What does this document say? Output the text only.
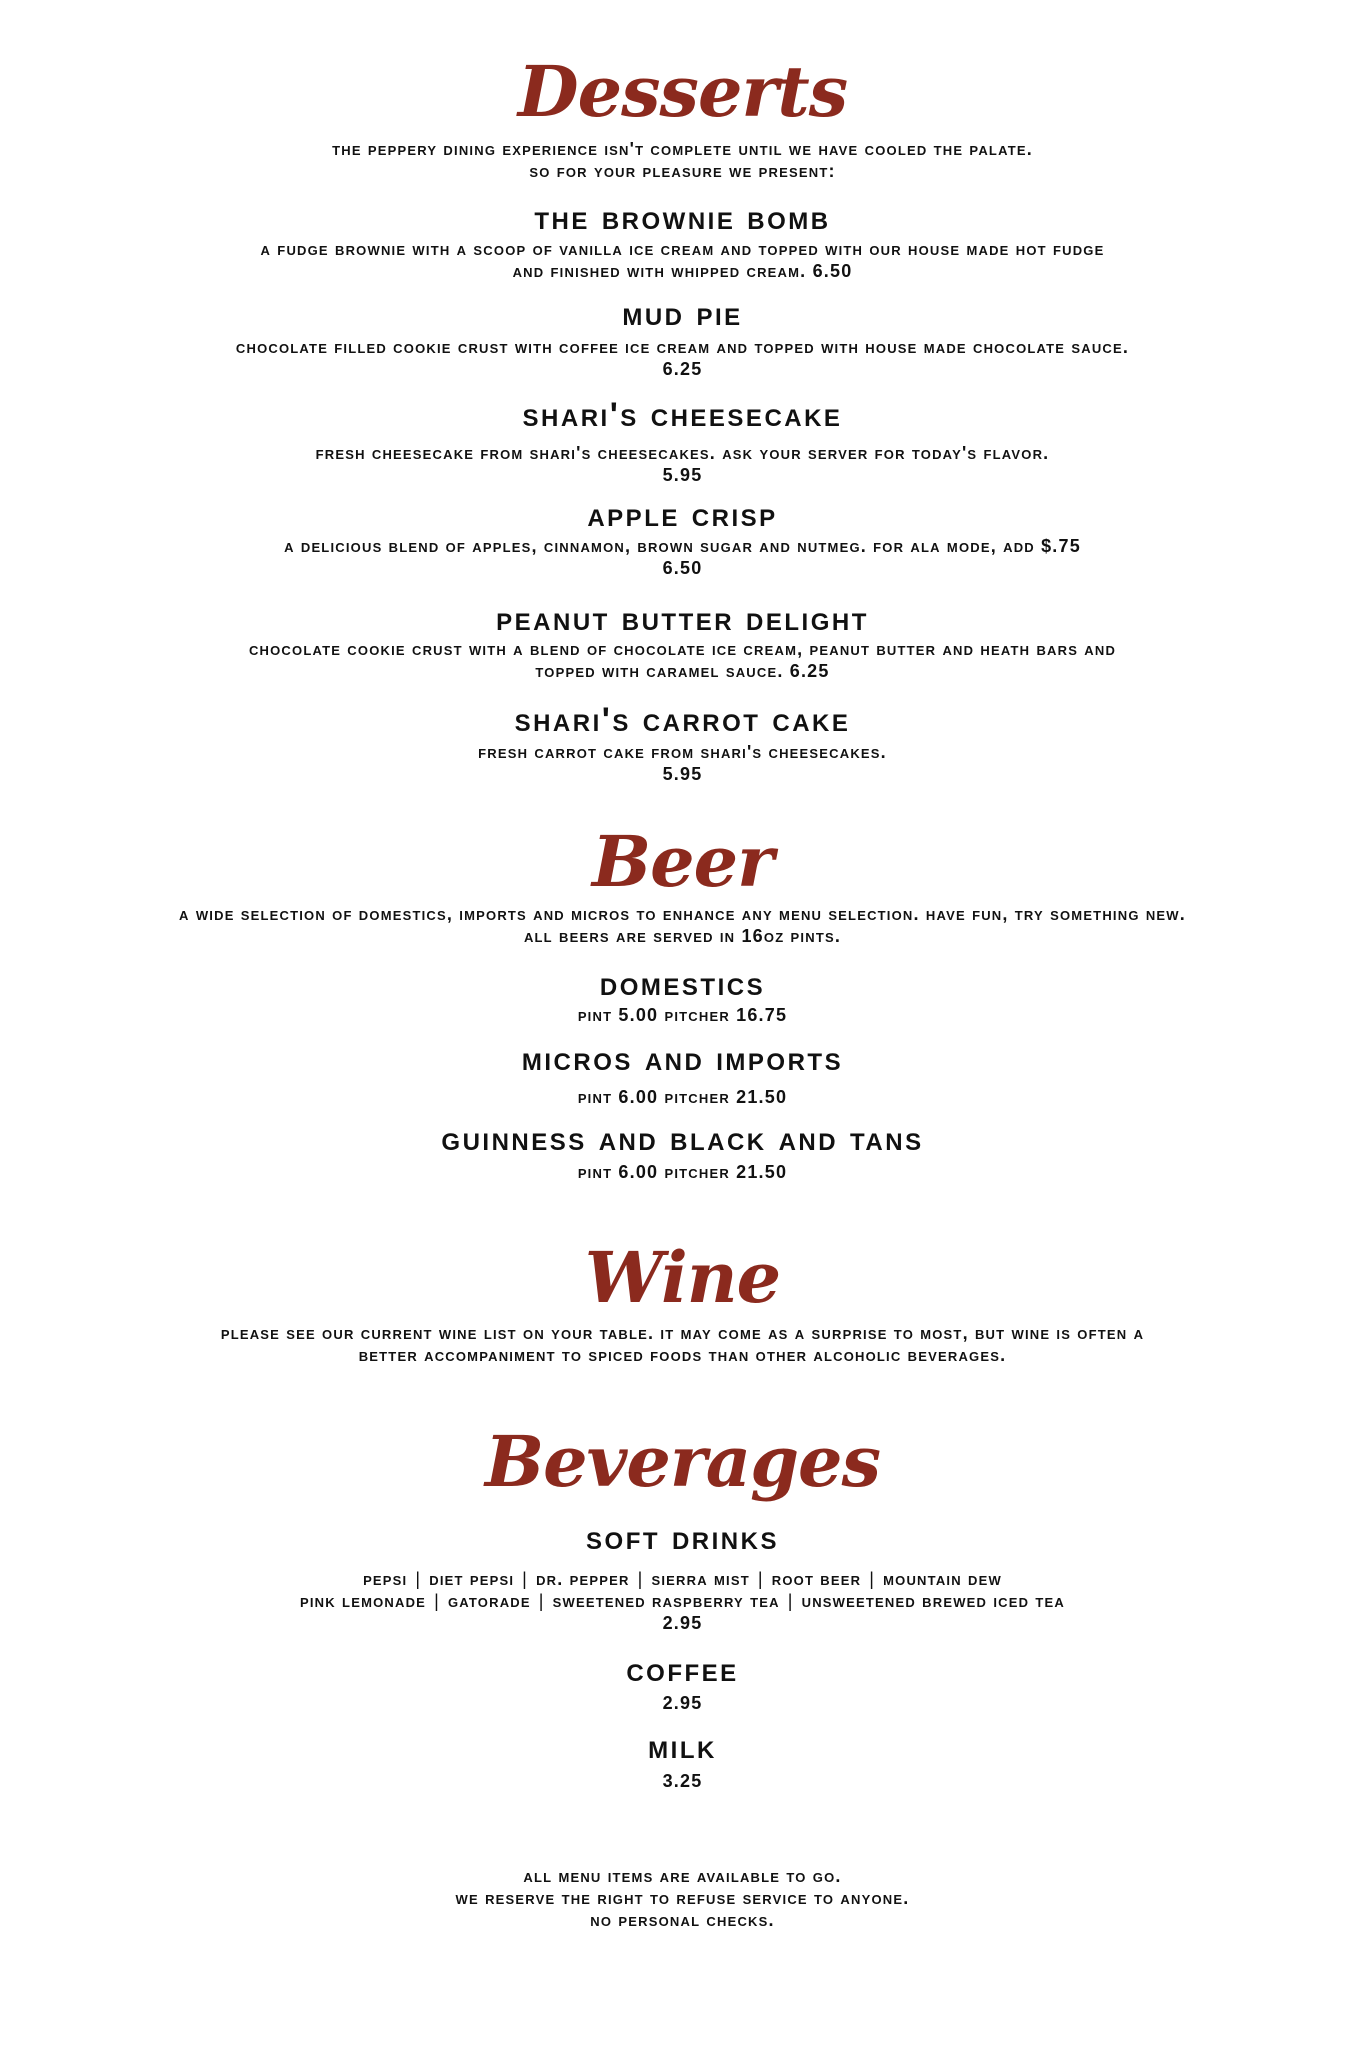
Desserts
the peppery dining experience isn't complete until we have cooled the palate.
so for your pleasure we present:
the brownie bomb
a fudge brownie with a scoop of vanilla ice cream and topped with our house made hot fudge
and finished with whipped cream. 6.50
mud pie
chocolate filled cookie crust with coffee ice cream and topped with house made chocolate sauce.
6.25
shari's cheesecake
fresh cheesecake from shari's cheesecakes. ask your server for today's flavor.
5.95
apple crisp
a delicious blend of apples, cinnamon, brown sugar and nutmeg. for ala mode, add $.75
6.50
peanut butter delight
chocolate cookie crust with a blend of chocolate ice cream, peanut butter and heath bars and
topped with caramel sauce. 6.25
shari's carrot cake
fresh carrot cake from shari's cheesecakes.
5.95
Beer
a wide selection of domestics, imports and micros to enhance any menu selection. have fun, try something new.
all beers are served in 16oz pints.
domestics
pint 5.00 pitcher 16.75
micros and imports
pint 6.00 pitcher 21.50
guinness and black and tans
pint 6.00 pitcher 21.50
Wine
please see our current wine list on your table. it may come as a surprise to most, but wine is often a
better accompaniment to spiced foods than other alcoholic beverages.
Beverages
soft drinks
pepsi | diet pepsi | dr. pepper | sierra mist | root beer | mountain dew
pink lemonade | gatorade | sweetened raspberry tea | unsweetened brewed iced tea
2.95
coffee
2.95
milk
3.25
all menu items are available to go.
we reserve the right to refuse service to anyone.
no personal checks.
